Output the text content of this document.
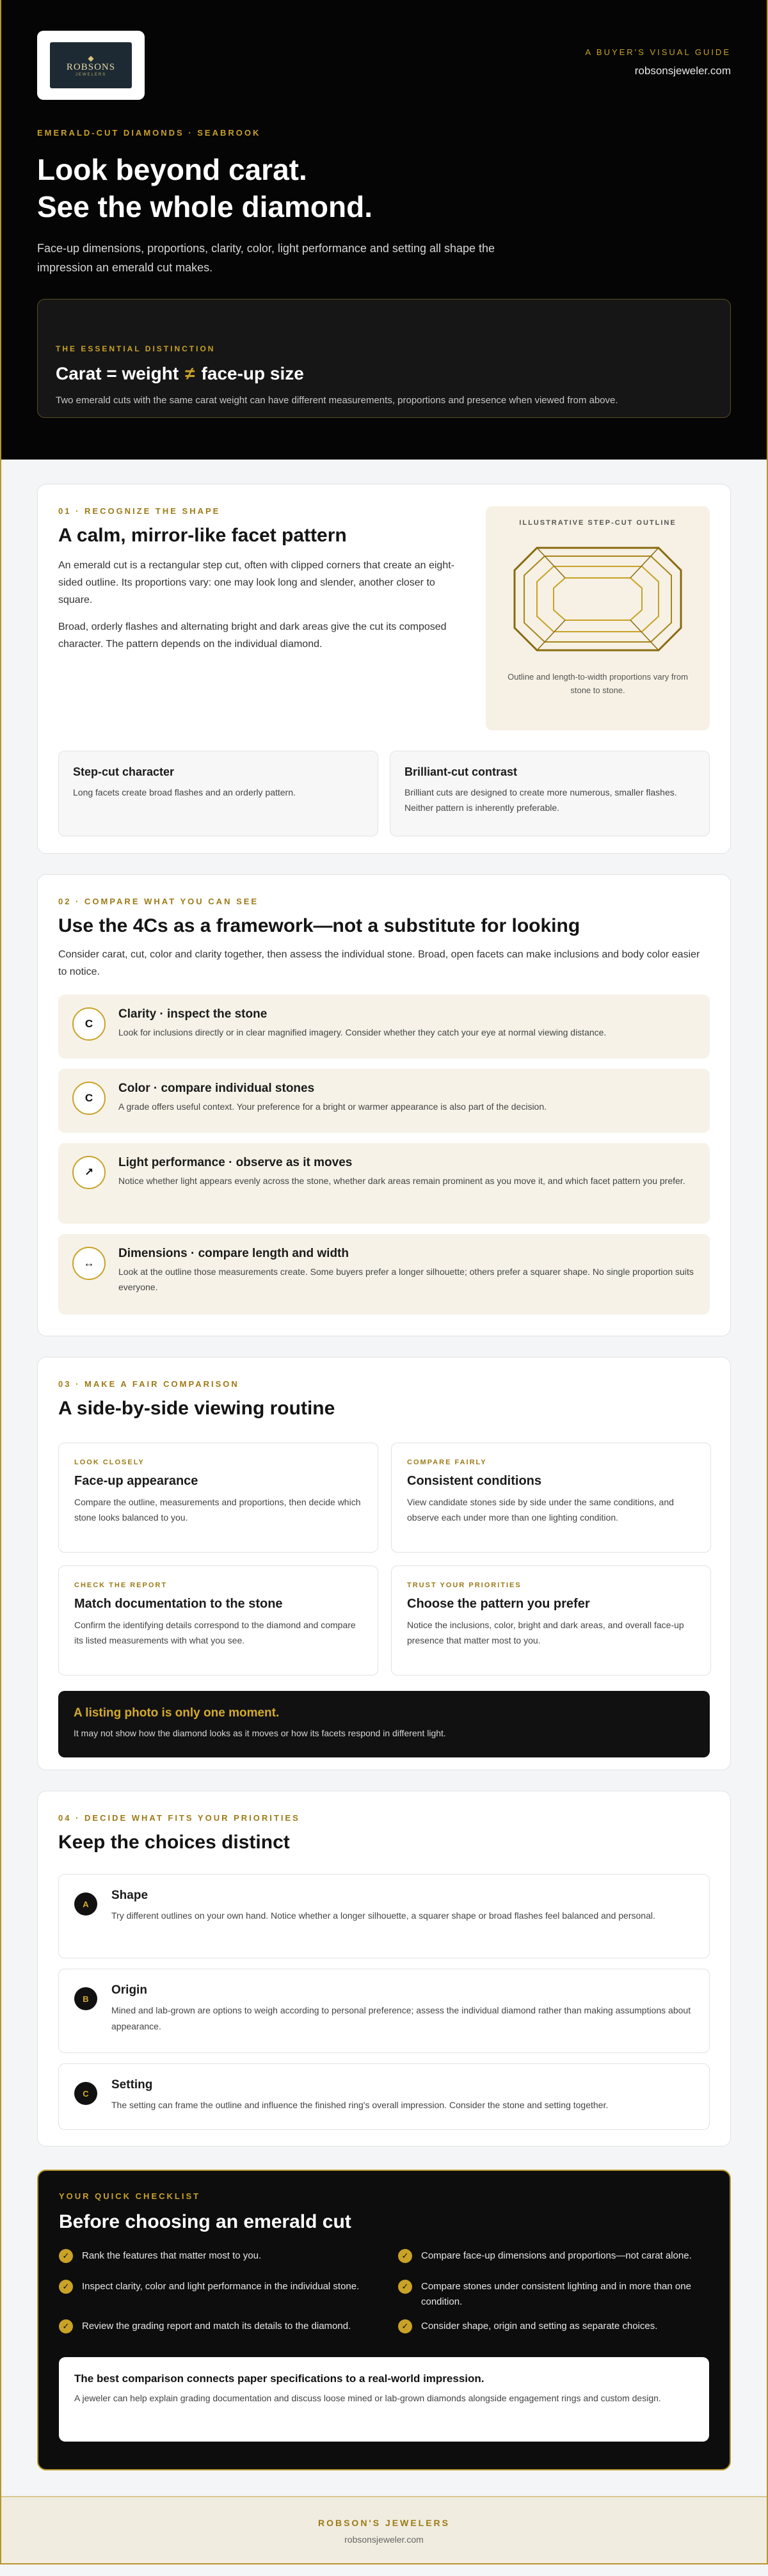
◆
ROBSONS
JEWELERS
A BUYER'S VISUAL GUIDE
robsonsjeweler.com
EMERALD-CUT DIAMONDS · SEABROOK
Look beyond carat.
See the whole diamond.

Face-up dimensions, proportions, clarity, color, light performance and setting all shape the impression an emerald cut makes.

THE ESSENTIAL DISTINCTION
Carat = weight ≠ face-up size

Two emerald cuts with the same carat weight can have different measurements, proportions and presence when viewed from above.

01 · RECOGNIZE THE SHAPE
A calm, mirror-like facet pattern

An emerald cut is a rectangular step cut, often with clipped corners that create an eight-sided outline. Its proportions vary: one may look long and slender, another closer to square.

Broad, orderly flashes and alternating bright and dark areas give the cut its composed character. The pattern depends on the individual diamond.

ILLUSTRATIVE STEP-CUT OUTLINE
Outline and length-to-width proportions vary from stone to stone.
Step-cut character

Long facets create broad flashes and an orderly pattern.

Brilliant-cut contrast

Brilliant cuts are designed to create more numerous, smaller flashes. Neither pattern is inherently preferable.

02 · COMPARE WHAT YOU CAN SEE
Use the 4Cs as a framework—not a substitute for looking

Consider carat, cut, color and clarity together, then assess the individual stone. Broad, open facets can make inclusions and body color easier to notice.

C
Clarity · inspect the stone

Look for inclusions directly or in clear magnified imagery. Consider whether they catch your eye at normal viewing distance.

C
Color · compare individual stones

A grade offers useful context. Your preference for a bright or warmer appearance is also part of the decision.

↗
Light performance · observe as it moves

Notice whether light appears evenly across the stone, whether dark areas remain prominent as you move it, and which facet pattern you prefer.

↔
Dimensions · compare length and width

Look at the outline those measurements create. Some buyers prefer a longer silhouette; others prefer a squarer shape. No single proportion suits everyone.

03 · MAKE A FAIR COMPARISON
A side-by-side viewing routine
LOOK CLOSELY
Face-up appearance

Compare the outline, measurements and proportions, then decide which stone looks balanced to you.

COMPARE FAIRLY
Consistent conditions

View candidate stones side by side under the same conditions, and observe each under more than one lighting condition.

CHECK THE REPORT
Match documentation to the stone

Confirm the identifying details correspond to the diamond and compare its listed measurements with what you see.

TRUST YOUR PRIORITIES
Choose the pattern you prefer

Notice the inclusions, color, bright and dark areas, and overall face-up presence that matter most to you.

A listing photo is only one moment.

It may not show how the diamond looks as it moves or how its facets respond in different light.

04 · DECIDE WHAT FITS YOUR PRIORITIES
Keep the choices distinct
A
Shape

Try different outlines on your own hand. Notice whether a longer silhouette, a squarer shape or broad flashes feel balanced and personal.

B
Origin

Mined and lab-grown are options to weigh according to personal preference; assess the individual diamond rather than making assumptions about appearance.

C
Setting

The setting can frame the outline and influence the finished ring's overall impression. Consider the stone and setting together.

YOUR QUICK CHECKLIST
Before choosing an emerald cut
✓	Rank the features that matter most to you.	✓	Compare face-up dimensions and proportions—not carat alone.
✓	Inspect clarity, color and light performance in the individual stone.	✓	Compare stones under consistent lighting and in more than one condition.
✓	Review the grading report and match its details to the diamond.	✓	Consider shape, origin and setting as separate choices.
The best comparison connects paper specifications to a real-world impression.

A jeweler can help explain grading documentation and discuss loose mined or lab-grown diamonds alongside engagement rings and custom design.

ROBSON'S JEWELERS
robsonsjeweler.com
